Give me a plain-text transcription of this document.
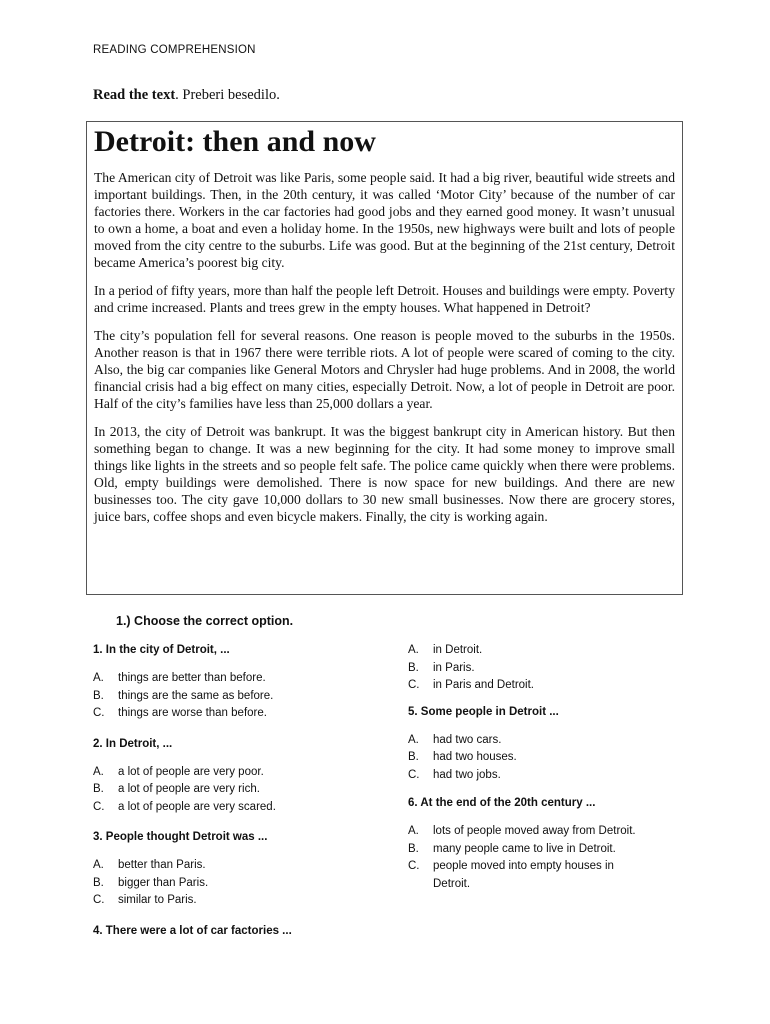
READING COMPREHENSION
Read the text. Preberi besedilo.
Detroit: then and now

The American city of Detroit was like Paris, some people said. It had a big river, beautiful wide streets and important buildings. Then, in the 20th century, it was called ‘Motor City’ because of the number of car factories there. Workers in the car factories had good jobs and they earned good money. It wasn’t unusual to own a home, a boat and even a holiday home. In the 1950s, new highways were built and lots of people moved from the city centre to the suburbs. Life was good. But at the beginning of the 21st century, Detroit became America’s poorest big city.

In a period of fifty years, more than half the people left Detroit. Houses and buildings were empty. Poverty and crime increased. Plants and trees grew in the empty houses. What happened in Detroit?

The city’s population fell for several reasons. One reason is people moved to the suburbs in the 1950s. Another reason is that in 1967 there were terrible riots. A lot of people were scared of coming to the city. Also, the big car companies like General Motors and Chrysler had huge problems. And in 2008, the world financial crisis had a big effect on many cities, especially Detroit. Now, a lot of people in Detroit are poor. Half of the city’s families have less than 25,000 dollars a year.

In 2013, the city of Detroit was bankrupt. It was the biggest bankrupt city in American history. But then something began to change. It was a new beginning for the city. It had some money to improve small things like lights in the streets and so people felt safe. The police came quickly when there were problems. Old, empty buildings were demolished. There is now space for new buildings. And there are new businesses too. The city gave 10,000 dollars to 30 new small businesses. Now there are grocery stores, juice bars, coffee shops and even bicycle makers. Finally, the city is working again.

1.) Choose the correct option.

1. In the city of Detroit, ...

A. things are better than before.
B. things are the same as before.
C. things are worse than before.

2. In Detroit, ...

A. a lot of people are very poor.
B. a lot of people are very rich.
C. a lot of people are very scared.

3. People thought Detroit was ...

A. better than Paris.
B. bigger than Paris.
C. similar to Paris.

4. There were a lot of car factories ...

A. in Detroit.
B. in Paris.
C. in Paris and Detroit.

5. Some people in Detroit ...

A. had two cars.
B. had two houses.
C. had two jobs.

6. At the end of the 20th century ...

A. lots of people moved away from Detroit.
B. many people came to live in Detroit.
C. people moved into empty houses in Detroit.
